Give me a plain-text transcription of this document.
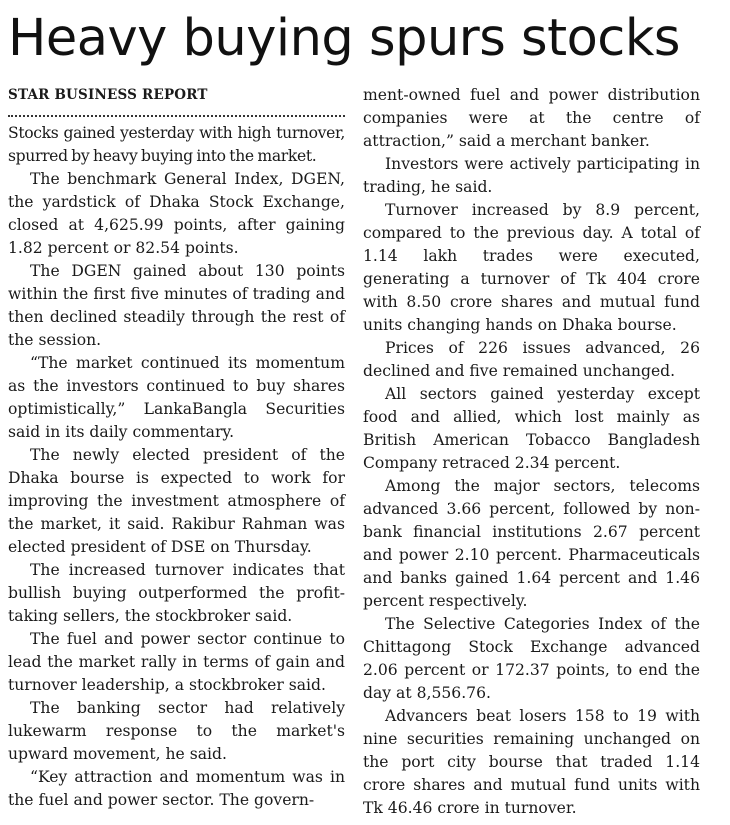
Heavy buying spurs stocks
STAR BUSINESS REPORT

Stocks gained yesterday with high turnover, spurred by heavy buying into the market.

The benchmark General Index, DGEN, the yardstick of Dhaka Stock Exchange, closed at 4,625.99 points, after gaining 1.82 percent or 82.54 points.

The DGEN gained about 130 points within the first five minutes of trading and then declined steadily through the rest of the session.

“The market continued its momentum as the investors continued to buy shares optimistically,” LankaBangla Securities said in its daily commentary.

The newly elected president of the Dhaka bourse is expected to work for improving the investment atmosphere of the market, it said. Rakibur Rahman was elected president of DSE on Thursday.

The increased turnover indicates that bullish buying outperformed the profit-taking sellers, the stockbroker said.

The fuel and power sector continue to lead the market rally in terms of gain and turnover leadership, a stockbroker said.

The banking sector had relatively lukewarm response to the market's upward movement, he said.

“Key attraction and momentum was in the fuel and power sector. The govern-

ment-owned fuel and power distribution companies were at the centre of attraction,” said a merchant banker.

Investors were actively participating in trading, he said.

Turnover increased by 8.9 percent, compared to the previous day. A total of 1.14 lakh trades were executed, generating a turnover of Tk 404 crore with 8.50 crore shares and mutual fund units changing hands on Dhaka bourse.

Prices of 226 issues advanced, 26 declined and five remained unchanged.

All sectors gained yesterday except food and allied, which lost mainly as British American Tobacco Bangladesh Company retraced 2.34 percent.

Among the major sectors, telecoms advanced 3.66 percent, followed by non-bank financial institutions 2.67 percent and power 2.10 percent. Pharmaceuticals and banks gained 1.64 percent and 1.46 percent respectively.

The Selective Categories Index of the Chittagong Stock Exchange advanced 2.06 percent or 172.37 points, to end the day at 8,556.76.

Advancers beat losers 158 to 19 with nine securities remaining unchanged on the port city bourse that traded 1.14 crore shares and mutual fund units with Tk 46.46 crore in turnover.
